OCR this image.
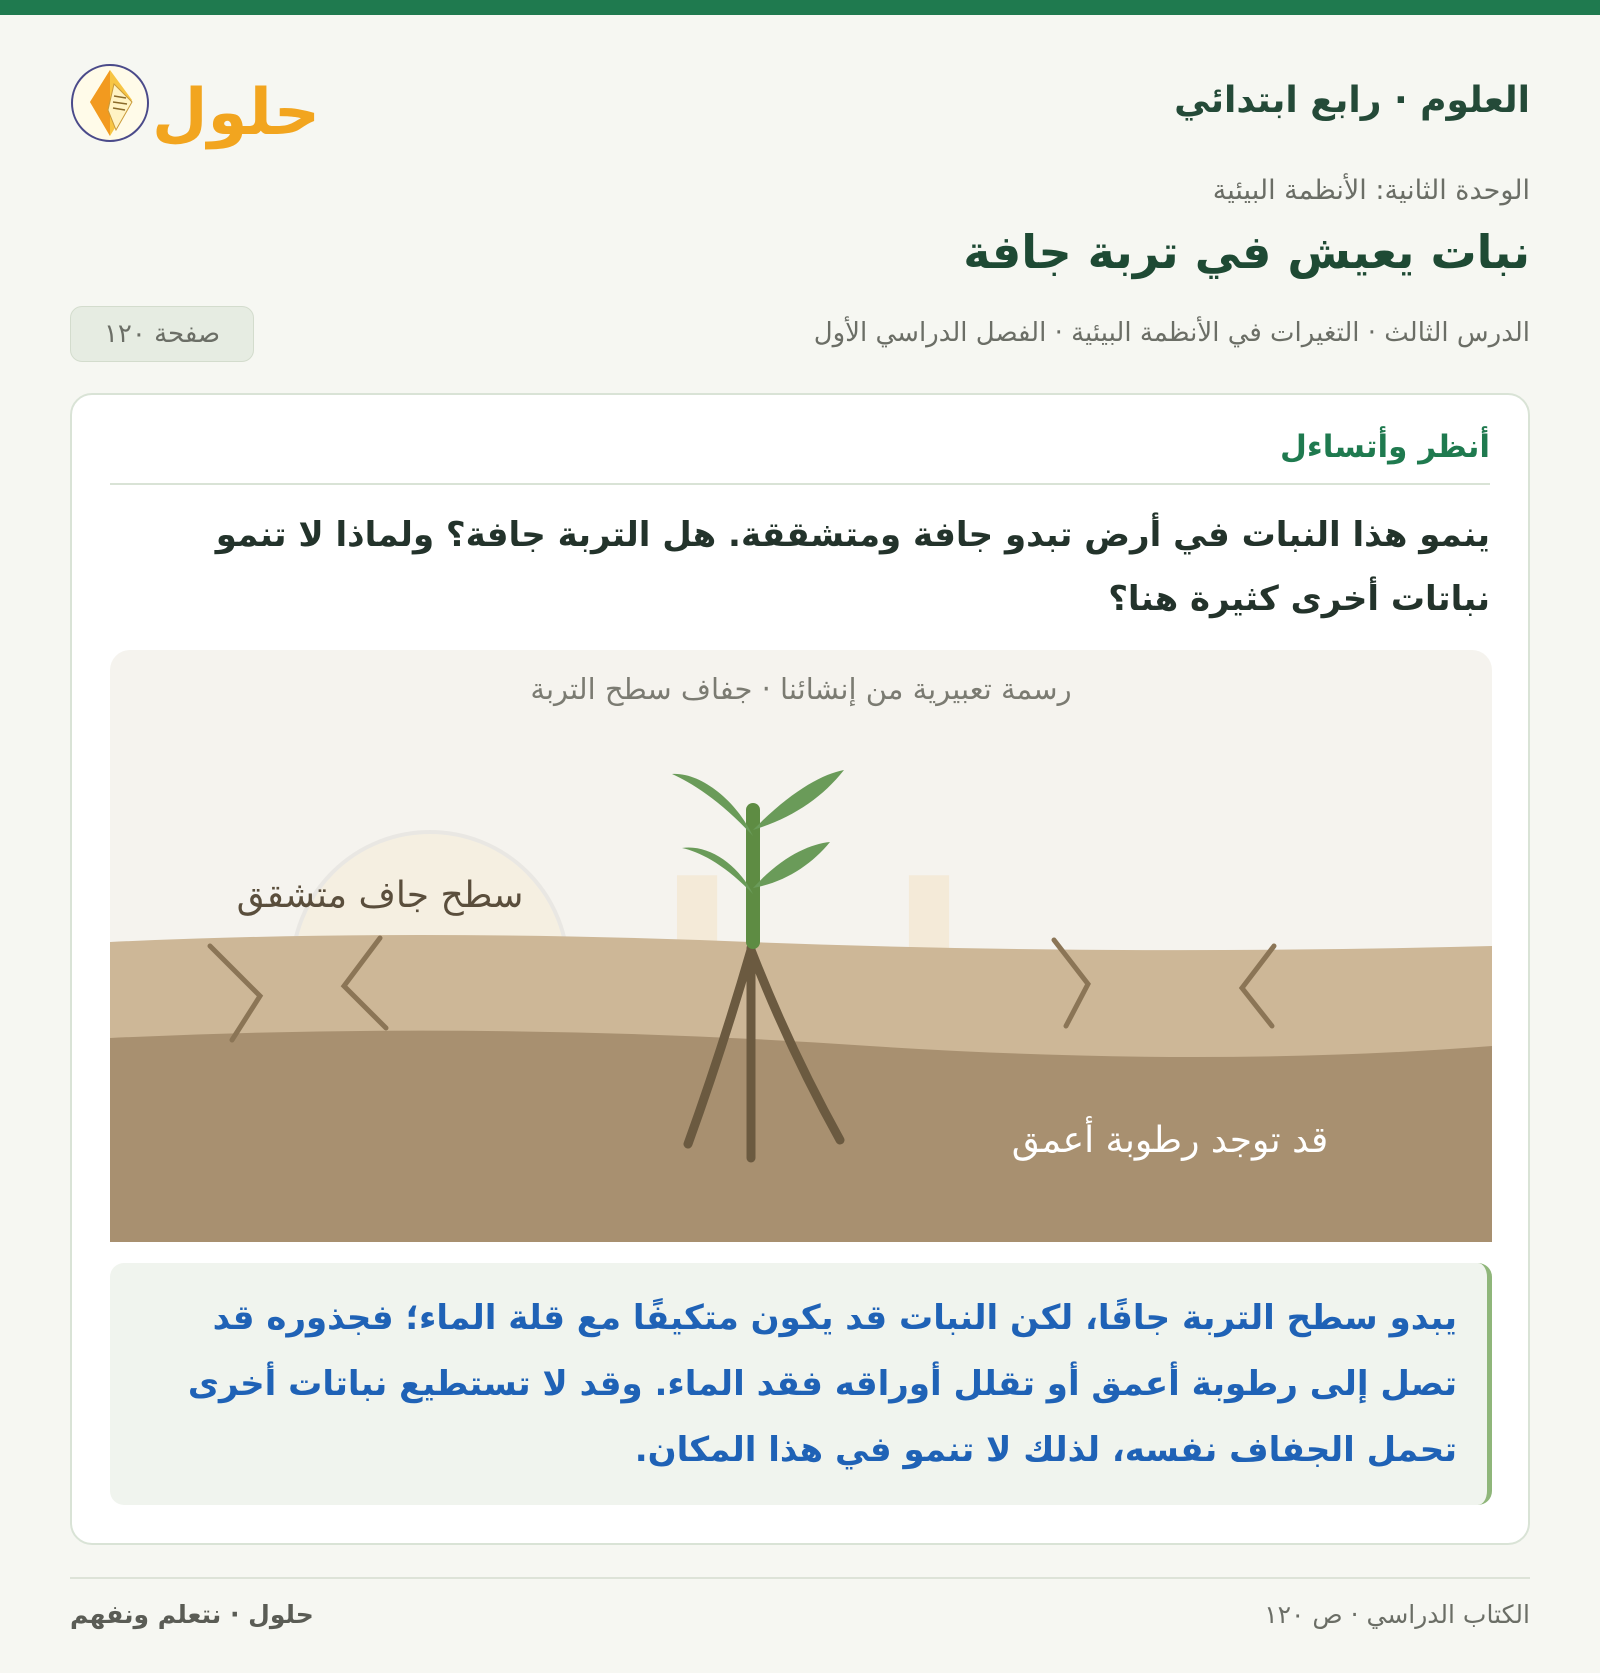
العلوم · رابع ابتدائي
حلول
الوحدة الثانية: الأنظمة البيئية
نبات يعيش في تربة جافة
الدرس الثالث · التغيرات في الأنظمة البيئية · الفصل الدراسي الأول
صفحة ١٢٠
أنظر وأتساءل

ينمو هذا النبات في أرض تبدو جافة ومتشققة. هل التربة جافة؟ ولماذا لا تنمو نباتات أخرى كثيرة هنا؟

رسمة تعبيرية من إنشائنا · جفاف سطح التربة
سطح جاف متشقق
قد توجد رطوبة أعمق

يبدو سطح التربة جافًا، لكن النبات قد يكون متكيفًا مع قلة الماء؛ فجذوره قد تصل إلى رطوبة أعمق أو تقلل أوراقه فقد الماء. وقد لا تستطيع نباتات أخرى تحمل الجفاف نفسه، لذلك لا تنمو في هذا المكان.

الكتاب الدراسي · ص ١٢٠
حلول · نتعلم ونفهم
